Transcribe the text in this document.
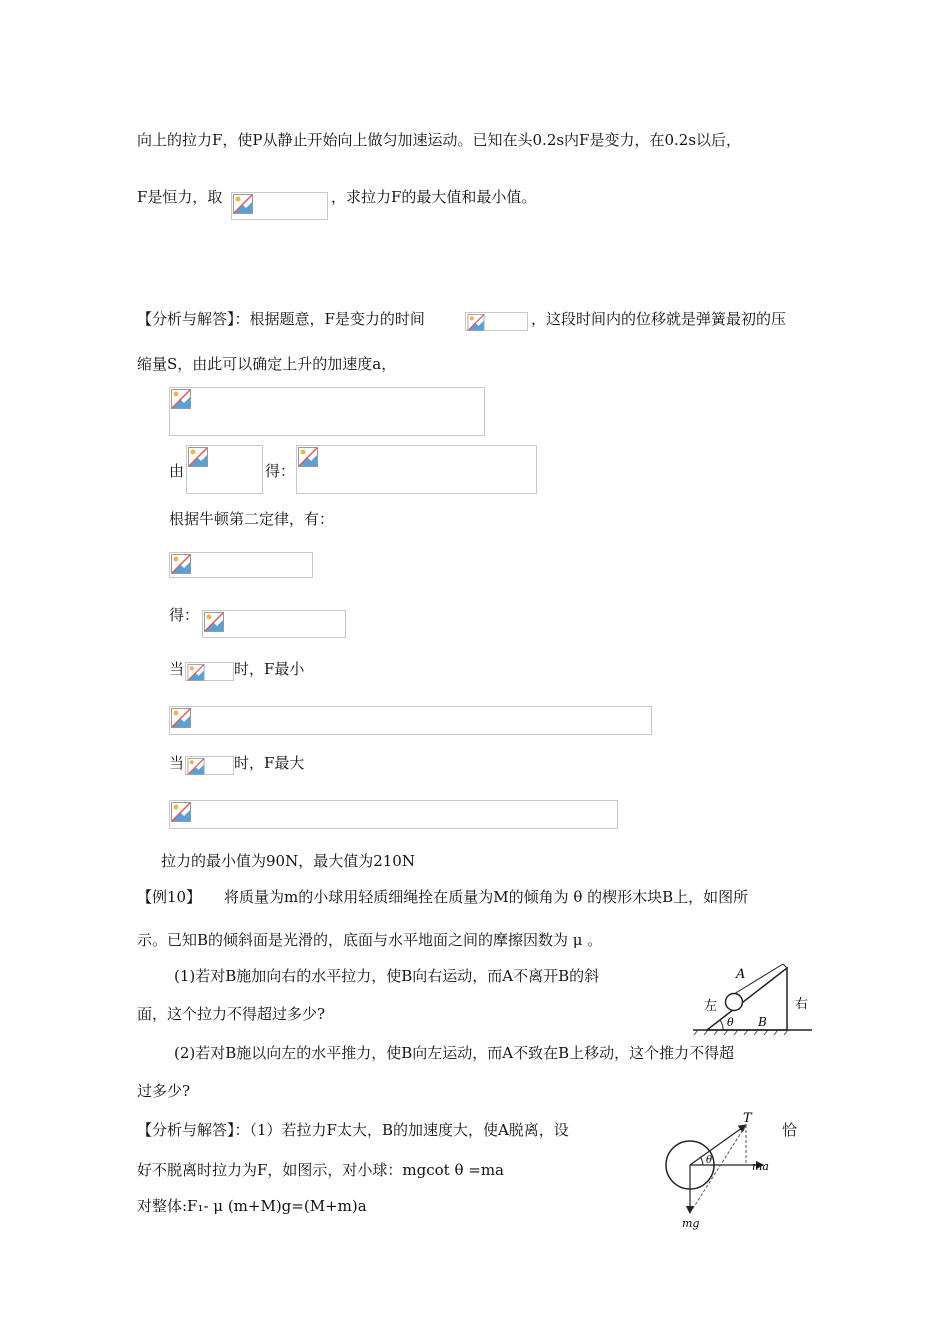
向上的拉力F，使P从静止开始向上做匀加速运动。已知在头0.2s内F是变力，在0.2s以后，
F是恒力，取	，求拉力F的最大值和最小值。
【分析与解答】：根据题意，F是变力的时间	，这段时间内的位移就是弹簧最初的压
缩量S，由此可以确定上升的加速度a，
由	得：
根据牛顿第二定律，有：
得：
当	时，F最小
当	时，F最大
拉力的最小值为90N，最大值为210N
【例10】 将质量为m的小球用轻质细绳拴在质量为M的倾角为 θ 的楔形木块B上，如图所
示。已知B的倾斜面是光滑的，底面与水平地面之间的摩擦因数为 μ 。
(1)若对B施加向右的水平拉力，使B向右运动，而A不离开B的斜
面，这个拉力不得超过多少?
(2)若对B施以向左的水平推力，使B向左运动，而A不致在B上移动，这个推力不得超
过多少?
A
左	右
θ B
【分析与解答】：（1）若拉力F太大，B的加速度大，使A脱离，设	恰
好不脱离时拉力为F，如图示，对小球：mgcot θ =ma
对整体:F₁- μ (m+M)g=(M+m)a
T
ma
θ
mg
